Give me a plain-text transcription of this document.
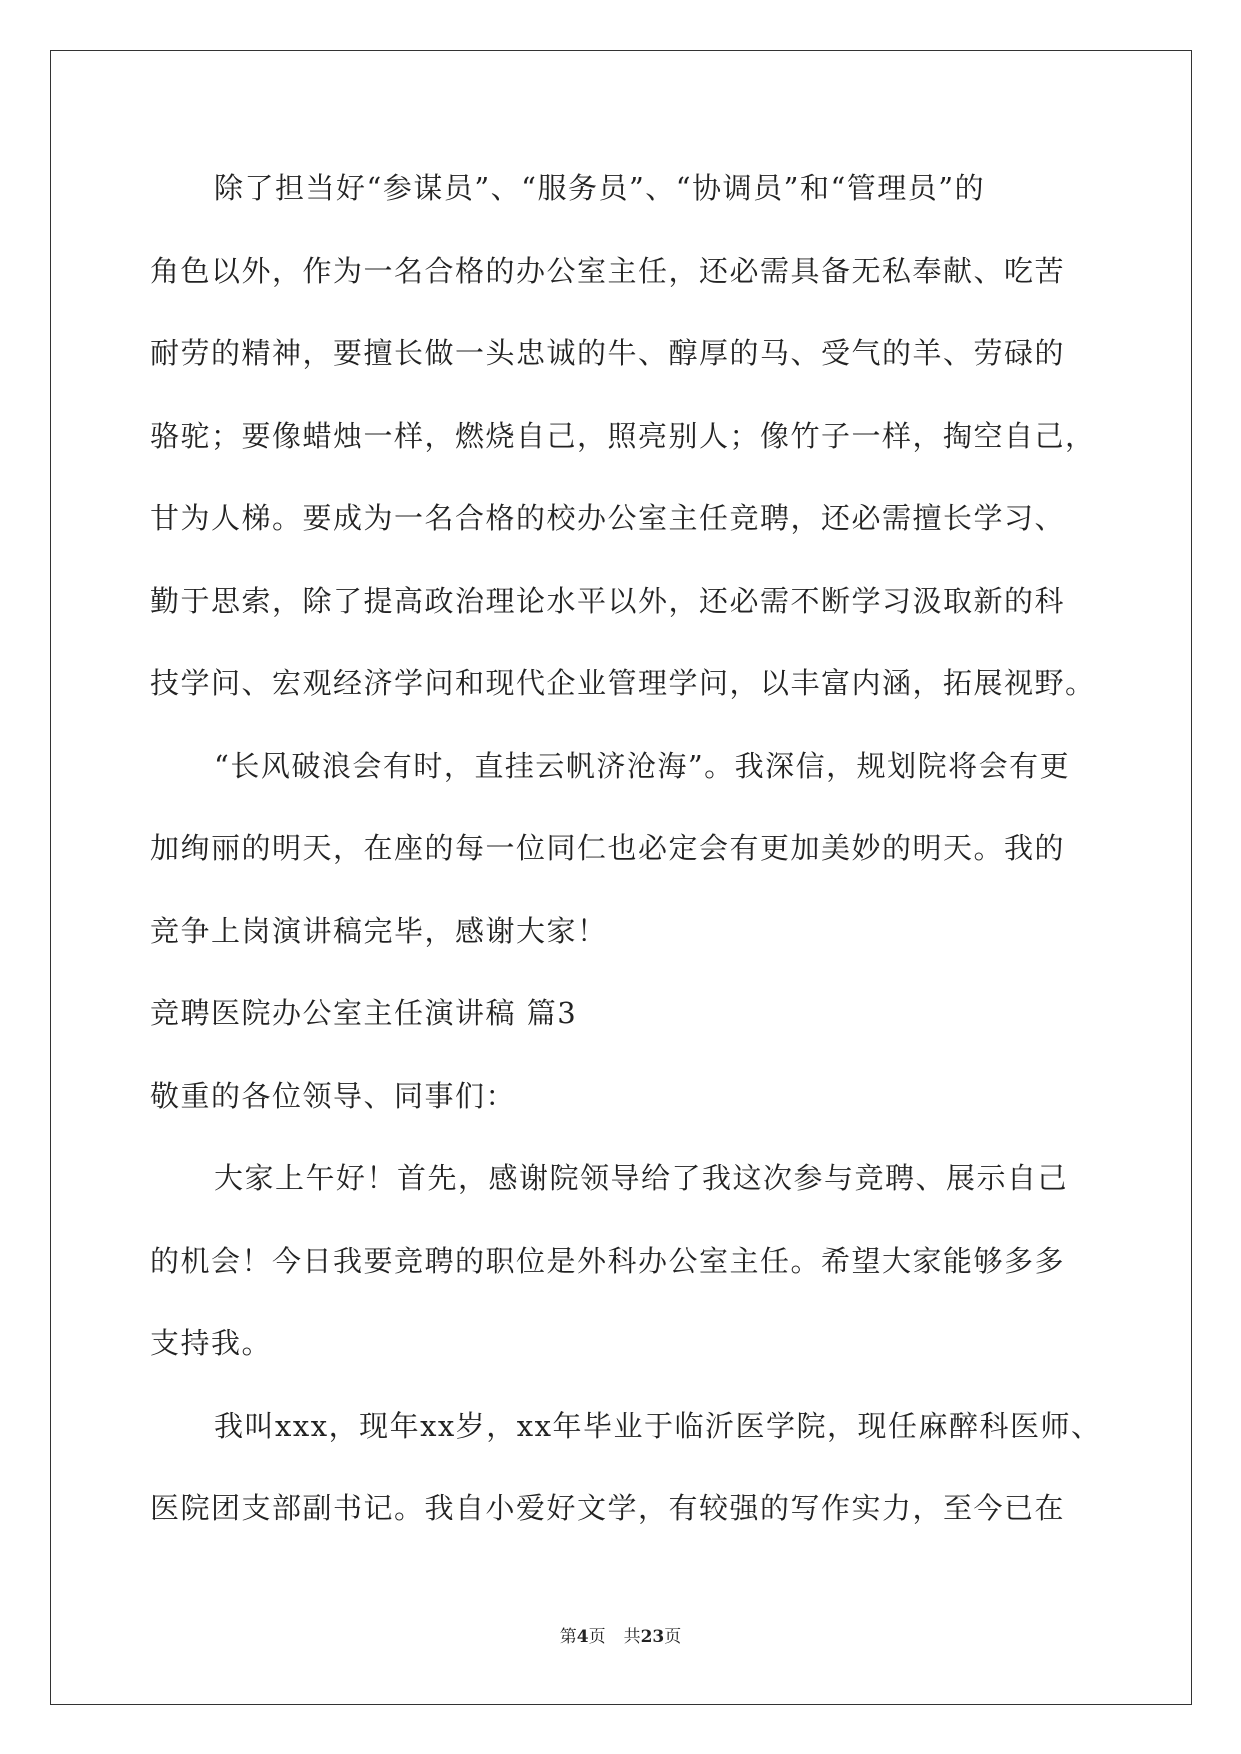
除了担当好“参谋员”、“服务员”、“协调员”和“管理员”的
角色以外，作为一名合格的办公室主任，还必需具备无私奉献、吃苦
耐劳的精神，要擅长做一头忠诚的牛、醇厚的马、受气的羊、劳碌的
骆驼；要像蜡烛一样，燃烧自己，照亮别人；像竹子一样，掏空自己，
甘为人梯。要成为一名合格的校办公室主任竞聘，还必需擅长学习、
勤于思索，除了提高政治理论水平以外，还必需不断学习汲取新的科
技学问、宏观经济学问和现代企业管理学问，以丰富内涵，拓展视野。
“长风破浪会有时，直挂云帆济沧海”。我深信，规划院将会有更
加绚丽的明天，在座的每一位同仁也必定会有更加美妙的明天。我的
竞争上岗演讲稿完毕，感谢大家！
竞聘医院办公室主任演讲稿 篇3
敬重的各位领导、同事们：
大家上午好！首先，感谢院领导给了我这次参与竞聘、展示自己
的机会！今日我要竞聘的职位是外科办公室主任。希望大家能够多多
支持我。
我叫xxx，现年xx岁，xx年毕业于临沂医学院，现任麻醉科医师、
医院团支部副书记。我自小爱好文学，有较强的写作实力，至今已在
第4页 共23页
